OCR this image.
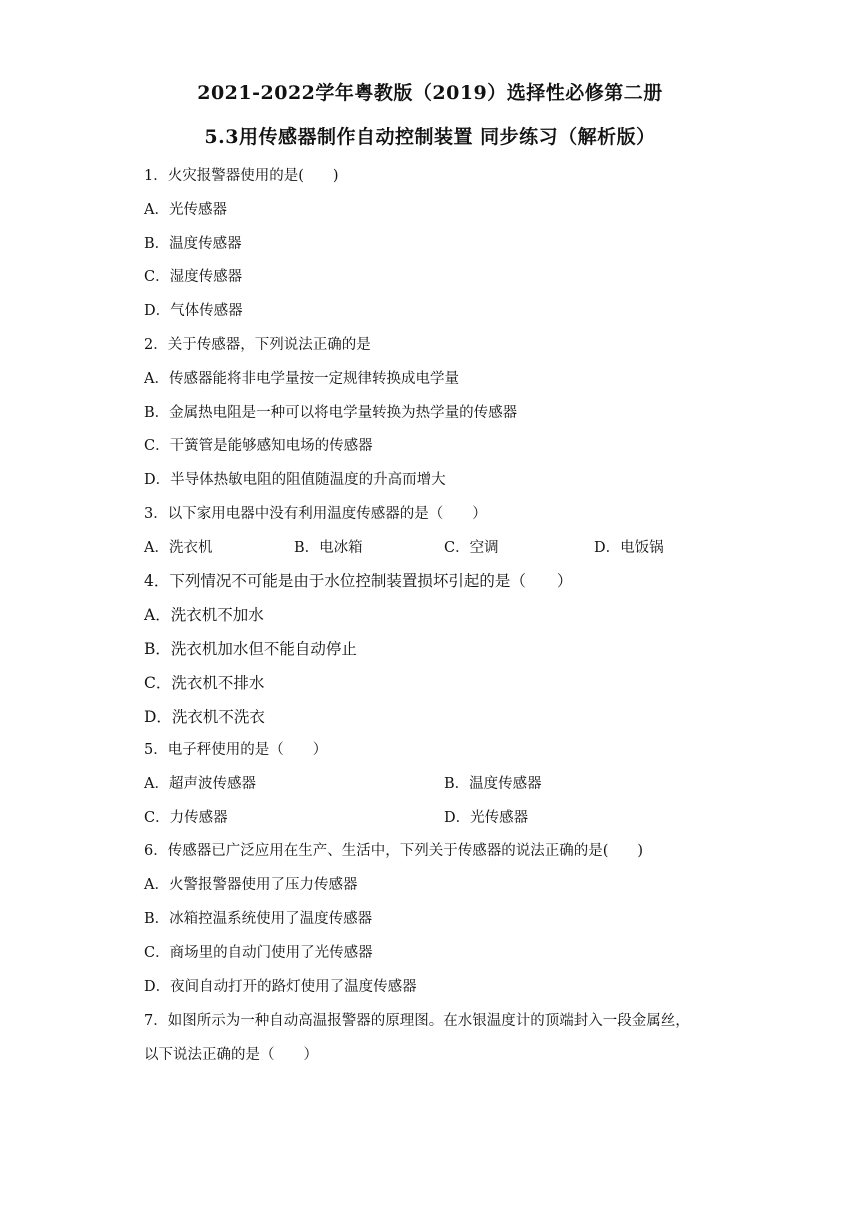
2021-2022学年粤教版（2019）选择性必修第二册
5.3用传感器制作自动控制装置 同步练习（解析版）
1．火灾报警器使用的是(　　)
A．光传感器
B．温度传感器
C．湿度传感器
D．气体传感器
2．关于传感器，下列说法正确的是
A．传感器能将非电学量按一定规律转换成电学量
B．金属热电阻是一种可以将电学量转换为热学量的传感器
C．干簧管是能够感知电场的传感器
D．半导体热敏电阻的阻值随温度的升高而增大
3．以下家用电器中没有利用温度传感器的是（　　）
A．洗衣机	B．电冰箱	C．空调	D．电饭锅
4．下列情况不可能是由于水位控制装置损坏引起的是（　　）
A．洗衣机不加水
B．洗衣机加水但不能自动停止
C．洗衣机不排水
D．洗衣机不洗衣
5．电子秤使用的是（　　）
A．超声波传感器	B．温度传感器
C．力传感器	D．光传感器
6．传感器已广泛应用在生产、生活中，下列关于传感器的说法正确的是(　　)
A．火警报警器使用了压力传感器
B．冰箱控温系统使用了温度传感器
C．商场里的自动门使用了光传感器
D．夜间自动打开的路灯使用了温度传感器
7．如图所示为一种自动高温报警器的原理图。在水银温度计的顶端封入一段金属丝，
以下说法正确的是（　　）
